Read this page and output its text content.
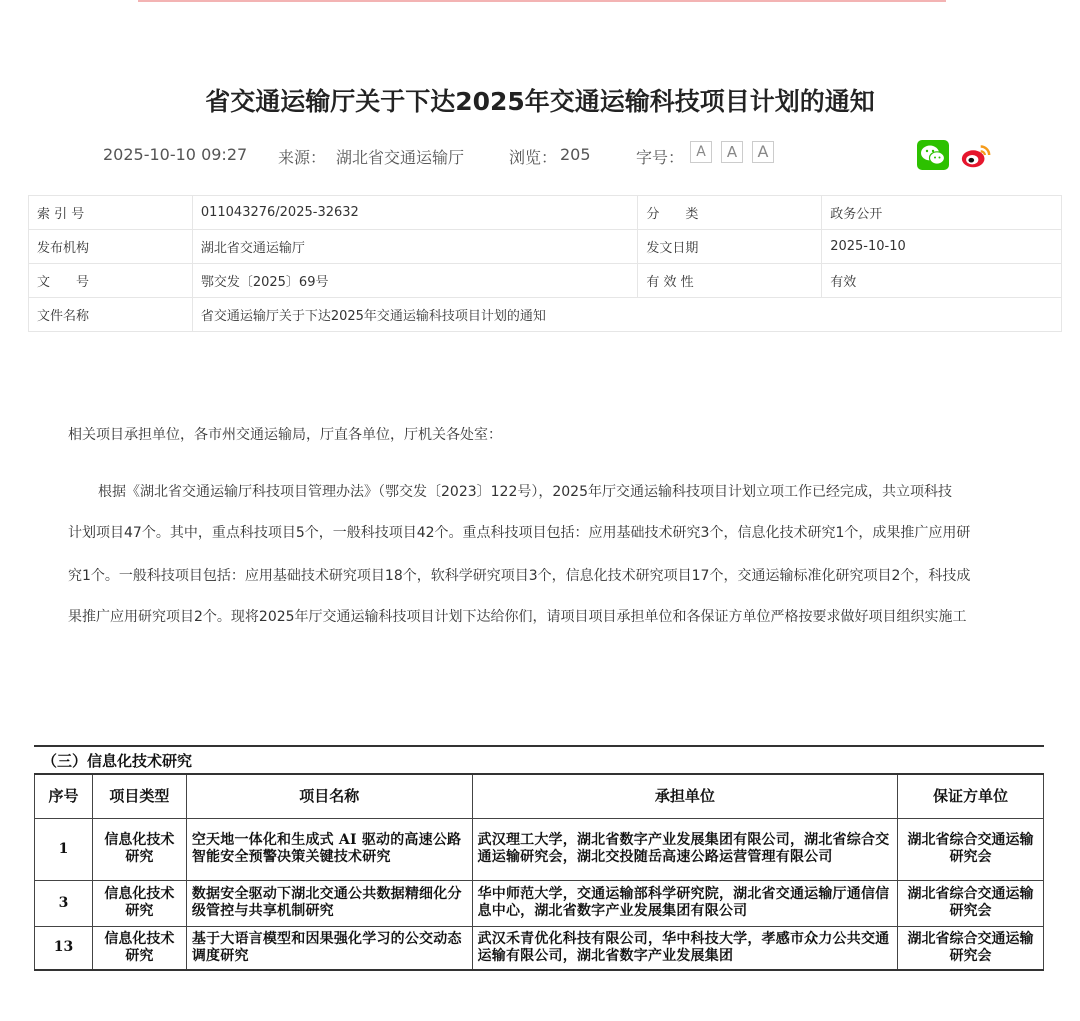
省交通运输厅关于下达2025年交通运输科技项目计划的通知
2025-10-10 09:27 来源： 湖北省交通运输厅	浏览： 205	字号： A	A	A
索 引 号	011043276/2025-32632	分　　类	政务公开
发布机构	湖北省交通运输厅	发文日期	2025-10-10
文　　号	鄂交发〔2025〕69号	有 效 性	有效
文件名称	省交通运输厅关于下达2025年交通运输科技项目计划的通知		

相关项目承担单位，各市州交通运输局，厅直各单位，厅机关各处室：

根据《湖北省交通运输厅科技项目管理办法》（鄂交发〔2023〕122号），2025年厅交通运输科技项目计划立项工作已经完成，共立项科技

计划项目47个。其中，重点科技项目5个，一般科技项目42个。重点科技项目包括：应用基础技术研究3个，信息化技术研究1个，成果推广应用研

究1个。一般科技项目包括：应用基础技术研究项目18个，软科学研究项目3个，信息化技术研究项目17个，交通运输标准化研究项目2个，科技成

果推广应用研究项目2个。现将2025年厅交通运输科技项目计划下达给你们，请项目项目承担单位和各保证方单位严格按要求做好项目组织实施工

（三）信息化技术研究
序号	项目类型	项目名称	承担单位	保证方单位
1	信息化技术研究	空天地一体化和生成式 AI 驱动的高速公路智能安全预警决策关键技术研究	武汉理工大学，湖北省数字产业发展集团有限公司，湖北省综合交通运输研究会，湖北交投随岳高速公路运营管理有限公司	湖北省综合交通运输研究会
3	信息化技术研究	数据安全驱动下湖北交通公共数据精细化分级管控与共享机制研究	华中师范大学，交通运输部科学研究院，湖北省交通运输厅通信信息中心，湖北省数字产业发展集团有限公司	湖北省综合交通运输研究会
13	信息化技术研究	基于大语言模型和因果强化学习的公交动态调度研究	武汉禾青优化科技有限公司，华中科技大学，孝感市众力公共交通运输有限公司，湖北省数字产业发展集团	湖北省综合交通运输研究会
